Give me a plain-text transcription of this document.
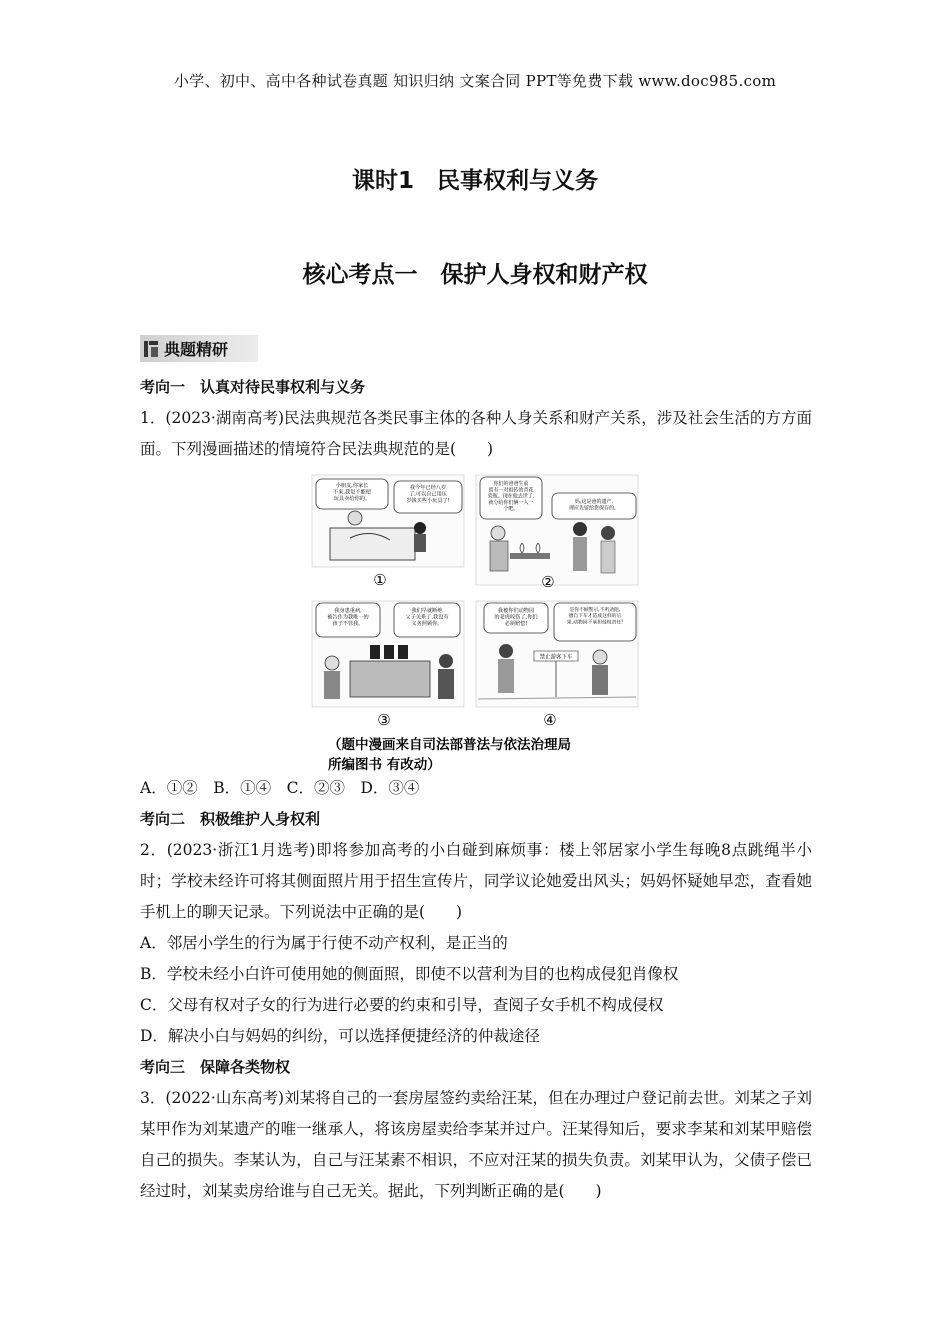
小学、初中、高中各种试卷真题 知识归纳 文案合同 PPT等免费下载 www.doc985.com
课时1　民事权利与义务
核心考点一　保护人身权和财产权
典题精研

考向一　认真对待民事权利与义务

1．(2023·湖南高考)民法典规范各类民事主体的各种人身关系和财产关系，涉及社会生活的方方面面。下列漫画描述的情境符合民法典规范的是(　　)

小朋友,你家长不来,我是不能把玩具卖给你的。
我今年已经八岁了,可以自己用压岁钱买些小玩具了!
你们的爸爸生前留有一对祖传的青花瓷瓶。现在他去世了,就分给你们俩一人一个吧。
妈,这是爸的遗产,理应先留给您保存的。
①	②
我身患重病,被告作为我唯一的孩子不管我。
我们早就断绝父子关系了,我没有义务照顾你。
我被你们动物园的老虎咬伤了,你们必须赔偿!
是你不顾警示,不听劝阻,擅自下车才造成这样的后果,动物园不承担侵权责任!
禁止游客下车
③	④
（题中漫画来自司法部普法与依法治理局
所编图书 有改动）

A．①②　B．①④　C．②③　D．③④

考向二　积极维护人身权利

2．(2023·浙江1月选考)即将参加高考的小白碰到麻烦事：楼上邻居家小学生每晚8点跳绳半小时；学校未经许可将其侧面照片用于招生宣传片，同学议论她爱出风头；妈妈怀疑她早恋，查看她手机上的聊天记录。下列说法中正确的是(　　)

A．邻居小学生的行为属于行使不动产权利，是正当的

B．学校未经小白许可使用她的侧面照，即使不以营利为目的也构成侵犯肖像权

C．父母有权对子女的行为进行必要的约束和引导，查阅子女手机不构成侵权

D．解决小白与妈妈的纠纷，可以选择便捷经济的仲裁途径

考向三　保障各类物权

3．(2022·山东高考)刘某将自己的一套房屋签约卖给汪某，但在办理过户登记前去世。刘某之子刘某甲作为刘某遗产的唯一继承人，将该房屋卖给李某并过户。汪某得知后，要求李某和刘某甲赔偿自己的损失。李某认为，自己与汪某素不相识，不应对汪某的损失负责。刘某甲认为，父债子偿已经过时，刘某卖房给谁与自己无关。据此，下列判断正确的是(　　)
